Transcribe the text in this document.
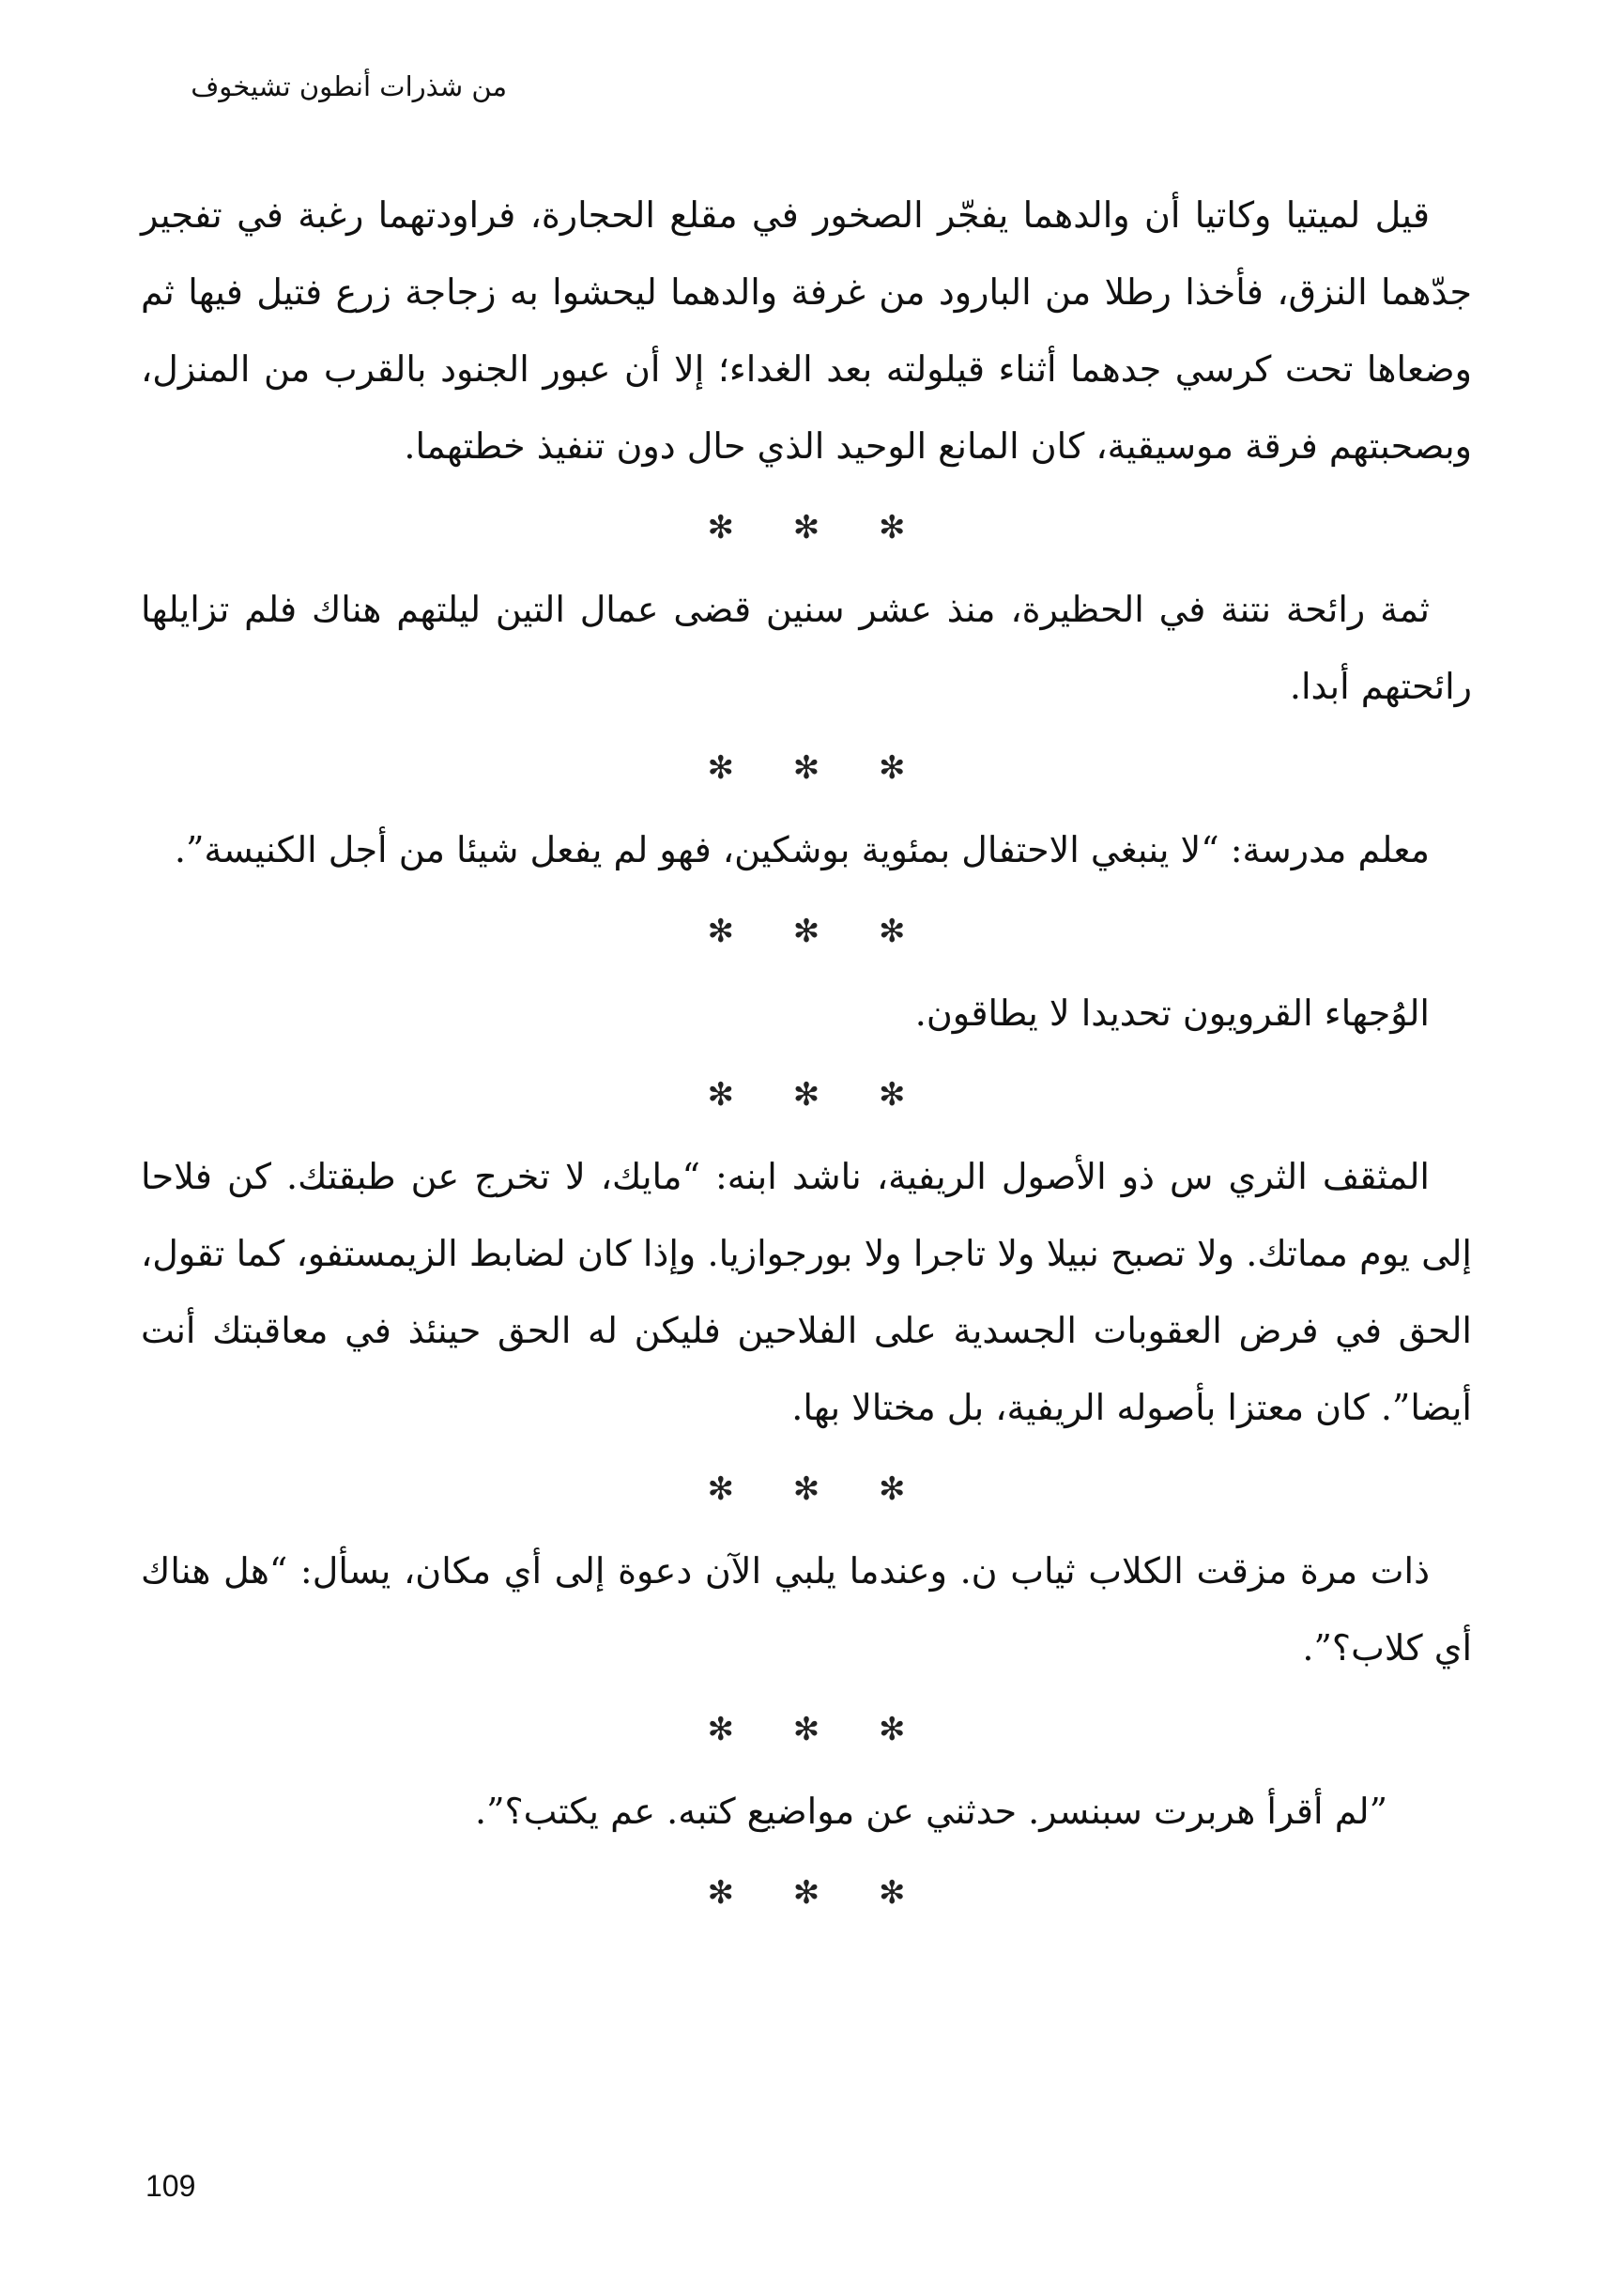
من شذرات أنطون تشيخوف

قيل لميتيا وكاتيا أن والدهما يفجّر الصخور في مقلع الحجارة، فراودتهما رغبة في تفجير جدّهما النزق، فأخذا رطلا من البارود من غرفة والدهما ليحشوا به زجاجة زرع فتيل فيها ثم وضعاها تحت كرسي جدهما أثناء قيلولته بعد الغداء؛ إلا أن عبور الجنود بالقرب من المنزل، وبصحبتهم فرقة موسيقية، كان المانع الوحيد الذي حال دون تنفيذ خطتهما.

✻ ✻ ✻

ثمة رائحة نتنة في الحظيرة، منذ عشر سنين قضى عمال التين ليلتهم هناك فلم تزايلها رائحتهم أبدا.

✻ ✻ ✻

معلم مدرسة: “لا ينبغي الاحتفال بمئوية بوشكين، فهو لم يفعل شيئا من أجل الكنيسة”.

✻ ✻ ✻

الوُجهاء القرويون تحديدا لا يطاقون.

✻ ✻ ✻

المثقف الثري س ذو الأصول الريفية، ناشد ابنه: “مايك، لا تخرج عن طبقتك. كن فلاحا إلى يوم مماتك. ولا تصبح نبيلا ولا تاجرا ولا بورجوازيا. وإذا كان لضابط الزيمستفو، كما تقول، الحق في فرض العقوبات الجسدية على الفلاحين فليكن له الحق حينئذ في معاقبتك أنت أيضا”. كان معتزا بأصوله الريفية، بل مختالا بها.

✻ ✻ ✻

ذات مرة مزقت الكلاب ثياب ن. وعندما يلبي الآن دعوة إلى أي مكان، يسأل: “هل هناك أي كلاب؟”.

✻ ✻ ✻

”لم أقرأ هربرت سبنسر. حدثني عن مواضيع كتبه. عم يكتب؟”.

✻ ✻ ✻
109
